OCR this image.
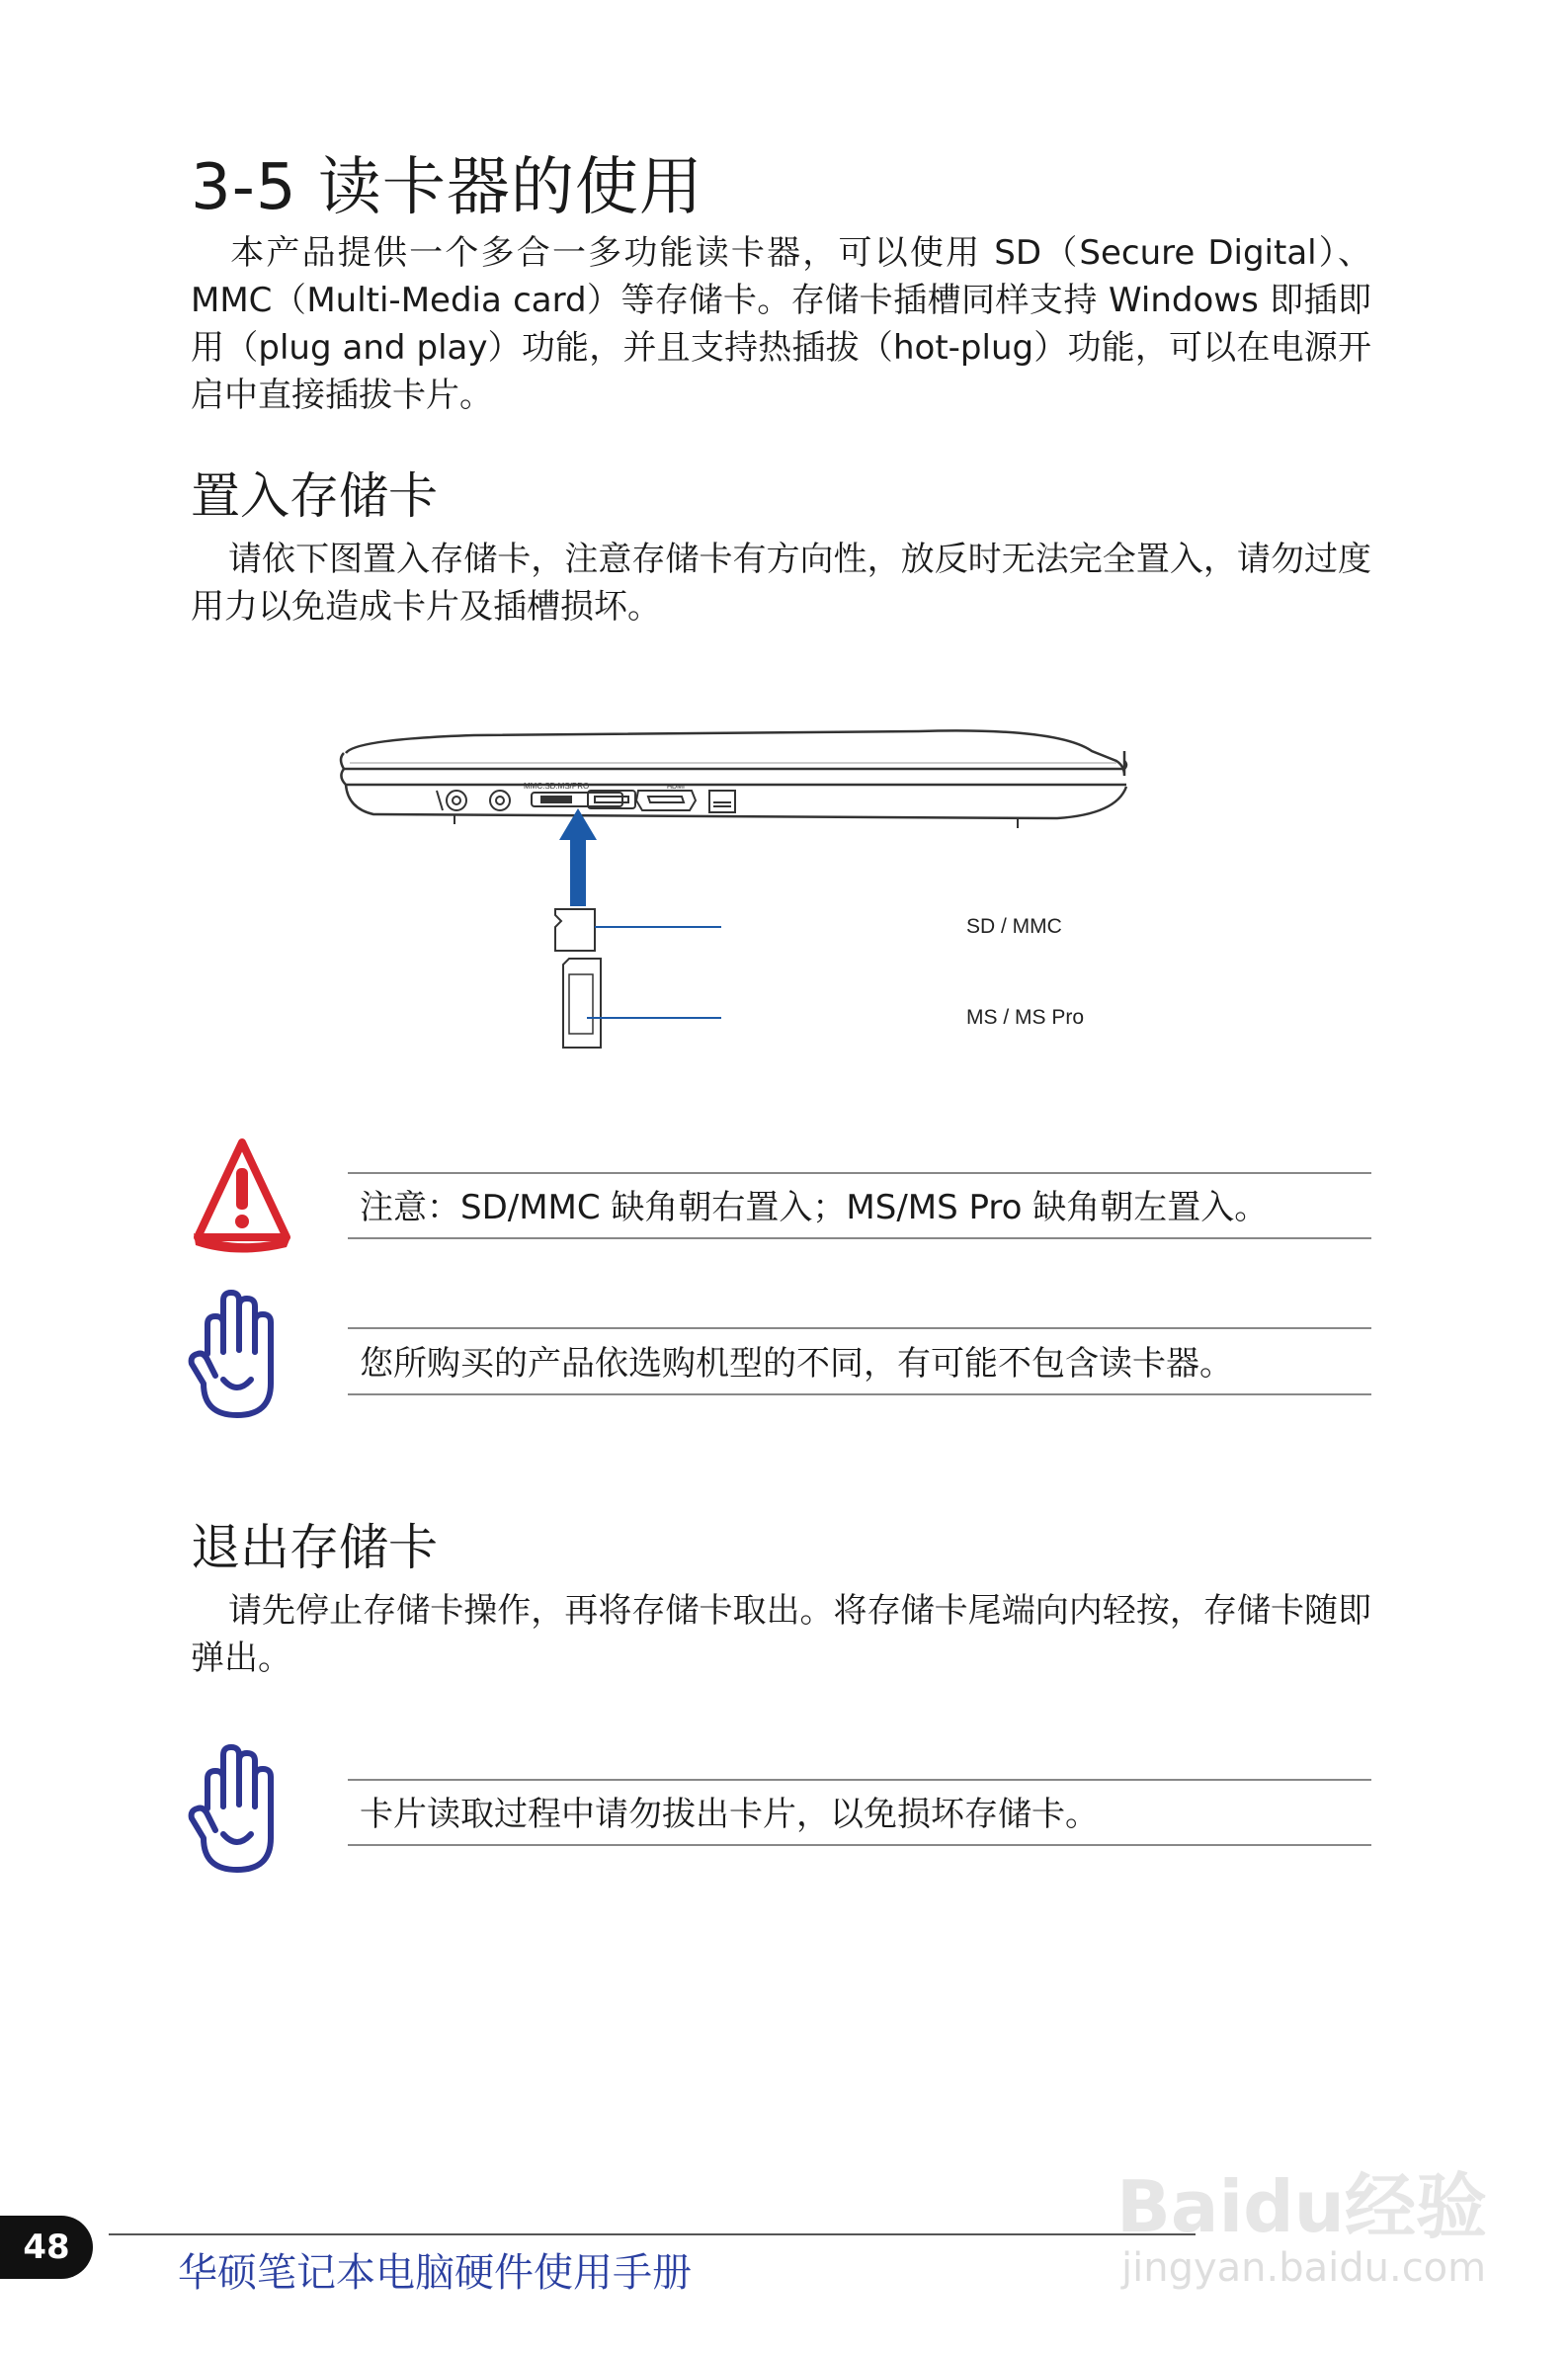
3-5 读卡器的使用
本产品提供一个多合一多功能读卡器，可以使用 SD（Secure Digital）、MMC（Multi-Media card）等存储卡。存储卡插槽同样支持 Windows 即插即用（plug and play）功能，并且支持热插拔（hot-plug）功能，可以在电源开启中直接插拔卡片。
置入存储卡
请依下图置入存储卡，注意存储卡有方向性，放反时无法完全置入，请勿过度用力以免造成卡片及插槽损坏。
MMC.SD.MS/PRO	HDMI
SD / MMC
MS / MS Pro
注意：SD/MMC 缺角朝右置入；MS/MS Pro 缺角朝左置入。
您所购买的产品依选购机型的不同，有可能不包含读卡器。
退出存储卡
请先停止存储卡操作，再将存储卡取出。将存储卡尾端向内轻按，存储卡随即弹出。
卡片读取过程中请勿拔出卡片，以免损坏存储卡。
Baidu经验
jingyan.baidu.com
48
华硕笔记本电脑硬件使用手册
